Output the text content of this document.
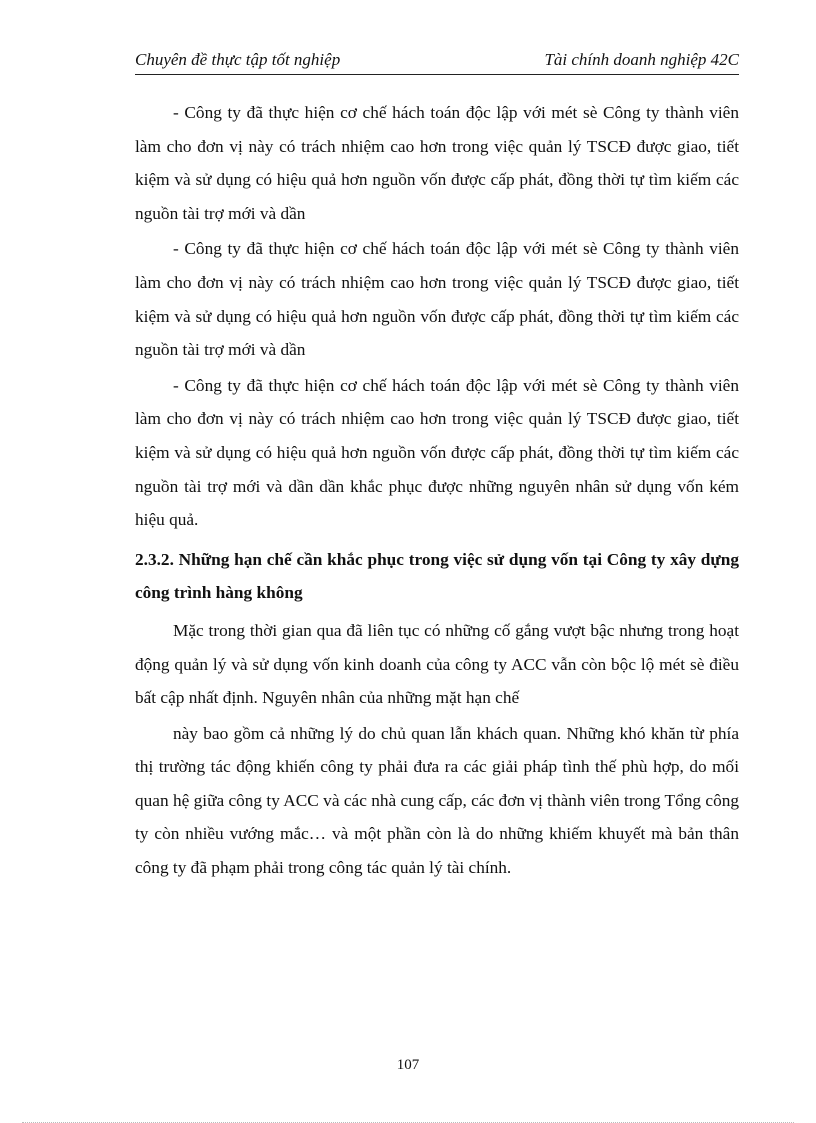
Chuyên đề thực tập tốt nghiệp	Tài chính doanh nghiệp 42C

- Công ty đã thực hiện cơ chế hách toán độc lập với mét sè Công ty thành viên làm cho đơn vị này có trách nhiệm cao hơn trong việc quản lý TSCĐ được giao, tiết kiệm và sử dụng có hiệu quả hơn nguồn vốn được cấp phát, đồng thời tự tìm kiếm các nguồn tài trợ mới và dần

- Công ty đã thực hiện cơ chế hách toán độc lập với mét sè Công ty thành viên làm cho đơn vị này có trách nhiệm cao hơn trong việc quản lý TSCĐ được giao, tiết kiệm và sử dụng có hiệu quả hơn nguồn vốn được cấp phát, đồng thời tự tìm kiếm các nguồn tài trợ mới và dần

- Công ty đã thực hiện cơ chế hách toán độc lập với mét sè Công ty thành viên làm cho đơn vị này có trách nhiệm cao hơn trong việc quản lý TSCĐ được giao, tiết kiệm và sử dụng có hiệu quả hơn nguồn vốn được cấp phát, đồng thời tự tìm kiếm các nguồn tài trợ mới và dần dần khắc phục được những nguyên nhân sử dụng vốn kém hiệu quả.

2.3.2. Những hạn chế cần khắc phục trong việc sử dụng vốn tại Công ty xây dựng công trình hàng không

Mặc trong thời gian qua đã liên tục có những cố gắng vượt bậc nhưng trong hoạt động quản lý và sử dụng vốn kinh doanh của công ty ACC vẫn còn bộc lộ mét sè điều bất cập nhất định. Nguyên nhân của những mặt hạn chế

này bao gồm cả những lý do chủ quan lẫn khách quan. Những khó khăn từ phía thị trường tác động khiến công ty phải đưa ra các giải pháp tình thế phù hợp, do mối quan hệ giữa công ty ACC và các nhà cung cấp, các đơn vị thành viên trong Tổng công ty còn nhiều vướng mắc… và một phần còn là do những khiếm khuyết mà bản thân công ty đã phạm phải trong công tác quản lý tài chính.

107
